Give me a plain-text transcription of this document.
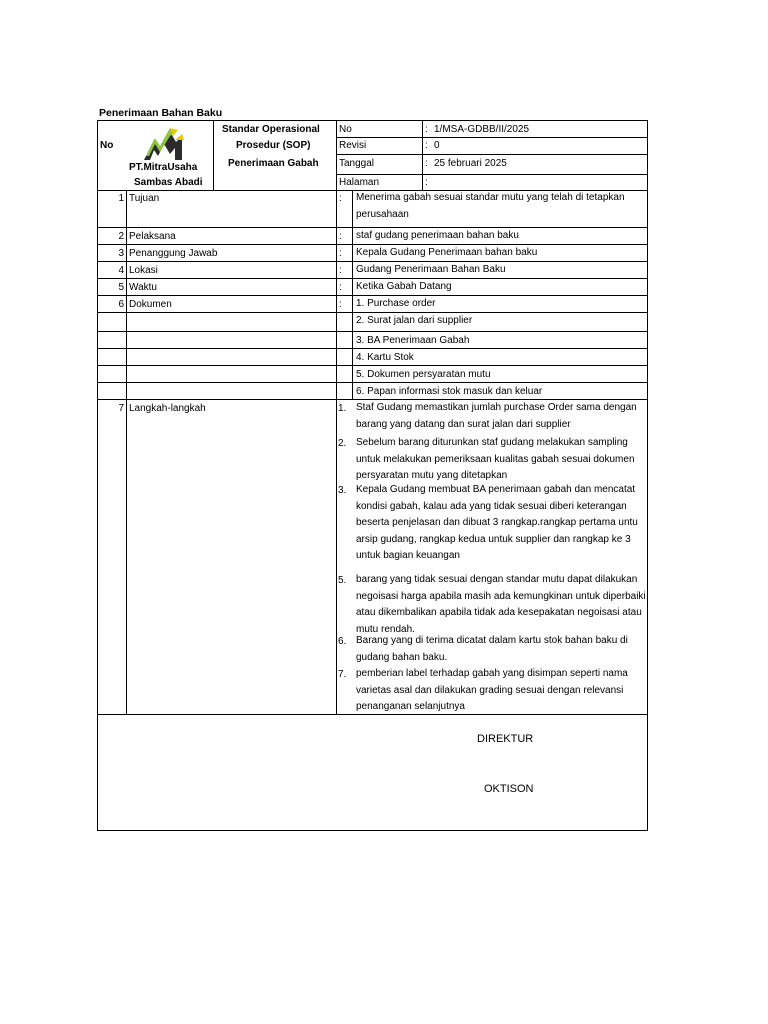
Penerimaan Bahan Baku
No
PT.MitraUsaha
Sambas Abadi
Standar Operasional
Prosedur (SOP)
Penerimaan Gabah
No	: 1/MSA-GDBB/II/2025
Revisi	: 0
Tanggal	: 25 februari 2025
Halaman	:
1 Tujuan	:	Menerima gabah sesuai standar mutu yang telah di tetapkan perusahaan
2 Pelaksana	:	staf gudang penerimaan bahan baku
3 Penanggung Jawab	:	Kepala Gudang Penerimaan bahan baku
4 Lokasi	:	Gudang Penerimaan Bahan Baku
5 Waktu	:	Ketika Gabah Datang
6 Dokumen	:	1. Purchase order
2. Surat jalan dari supplier
3. BA Penerimaan Gabah
4. Kartu Stok
5. Dokumen persyaratan mutu
6. Papan informasi stok masuk dan keluar
7 Langkah-langkah	1. Staf Gudang memastikan jumlah purchase Order sama dengan barang yang datang dan surat jalan dari supplier
2. Sebelum barang diturunkan staf gudang melakukan sampling untuk melakukan pemeriksaan kualitas gabah sesuai dokumen persyaratan mutu yang ditetapkan
3. Kepala Gudang membuat BA penerimaan gabah dan mencatat kondisi gabah, kalau ada yang tidak sesuai diberi keterangan beserta penjelasan dan dibuat 3 rangkap.rangkap pertama untu arsip gudang, rangkap kedua untuk supplier dan rangkap ke 3 untuk bagian keuangan
5. barang yang tidak sesuai dengan standar mutu dapat dilakukan negoisasi harga apabila masih ada kemungkinan untuk diperbaiki atau dikembalikan apabila tidak ada kesepakatan negoisasi atau mutu rendah.
6. Barang yang di terima dicatat dalam kartu stok bahan baku di gudang bahan baku.
7. pemberian label terhadap gabah yang disimpan seperti nama varietas asal dan dilakukan grading sesuai dengan relevansi penanganan selanjutnya
DIREKTUR
OKTISON
